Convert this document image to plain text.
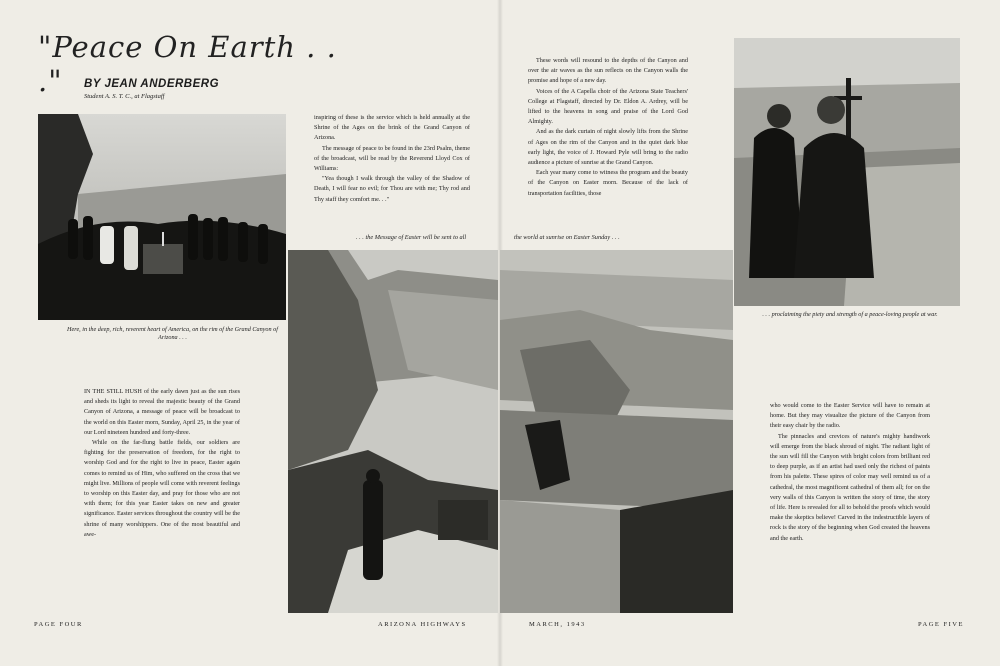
"Peace On Earth . . ."	BY JEAN ANDERBERG
Student A. S. T. C., at Flagstaff
Here, in the deep, rich, reverent heart of America, on the rim of the Grand Canyon of Arizona . . .
. . . the Message of Easter will be sent to all	the world at sunrise on Easter Sunday . . .
. . . proclaiming the piety and strength of a peace-loving people at war.

IN THE STILL HUSH of the early dawn just as the sun rises and sheds its light to reveal the majestic beauty of the Grand Canyon of Arizona, a message of peace will be broadcast to the world on this Easter morn, Sunday, April 25, in the year of our Lord nineteen hundred and forty-three.

While on the far-flung battle fields, our soldiers are fighting for the preservation of freedom, for the right to worship God and for the right to live in peace, Easter again comes to remind us of Him, who suffered on the cross that we might live. Millions of people will come with reverent feelings to worship on this Easter day, and pray for those who are not with them; for this year Easter takes on new and greater significance. Easter services throughout the country will be the shrine of many worshippers. One of the most beautiful and awe-

inspiring of these is the service which is held annually at the Shrine of the Ages on the brink of the Grand Canyon of Arizona.

The message of peace to be found in the 23rd Psalm, theme of the broadcast, will be read by the Reverend Lloyd Cox of Williams:

"Yea though I walk through the valley of the Shadow of Death, I will fear no evil; for Thou are with me; Thy rod and Thy staff they comfort me. . ."

These words will resound to the depths of the Canyon and over the air waves as the sun reflects on the Canyon walls the promise and hope of a new day.

Voices of the A Capella choir of the Arizona State Teachers' College at Flagstaff, directed by Dr. Eldon A. Ardrey, will be lifted to the heavens in song and praise of the Lord God Almighty.

And as the dark curtain of night slowly lifts from the Shrine of Ages on the rim of the Canyon and in the quiet dark blue early light, the voice of J. Howard Pyle will bring to the radio audience a picture of sunrise at the Grand Canyon.

Each year many come to witness the program and the beauty of the Canyon on Easter morn. Because of the lack of transportation facilities, those

who would come to the Easter Service will have to remain at home. But they may visualize the picture of the Canyon from their easy chair by the radio.

The pinnacles and crevices of nature's mighty handiwork will emerge from the black shroud of night. The radiant light of the sun will fill the Canyon with bright colors from brilliant red to deep purple, as if an artist had used only the richest of paints from his palette. These spires of color may well remind us of a cathedral, the most magnificent cathedral of them all; for on the very walls of this Canyon is written the story of time, the story of life. Here is revealed for all to behold the proofs which would make the skeptics believe! Carved in the indestructible layers of rock is the story of the beginning when God created the heavens and the earth.

PAGE FOUR	ARIZONA HIGHWAYS	MARCH, 1943	PAGE FIVE
